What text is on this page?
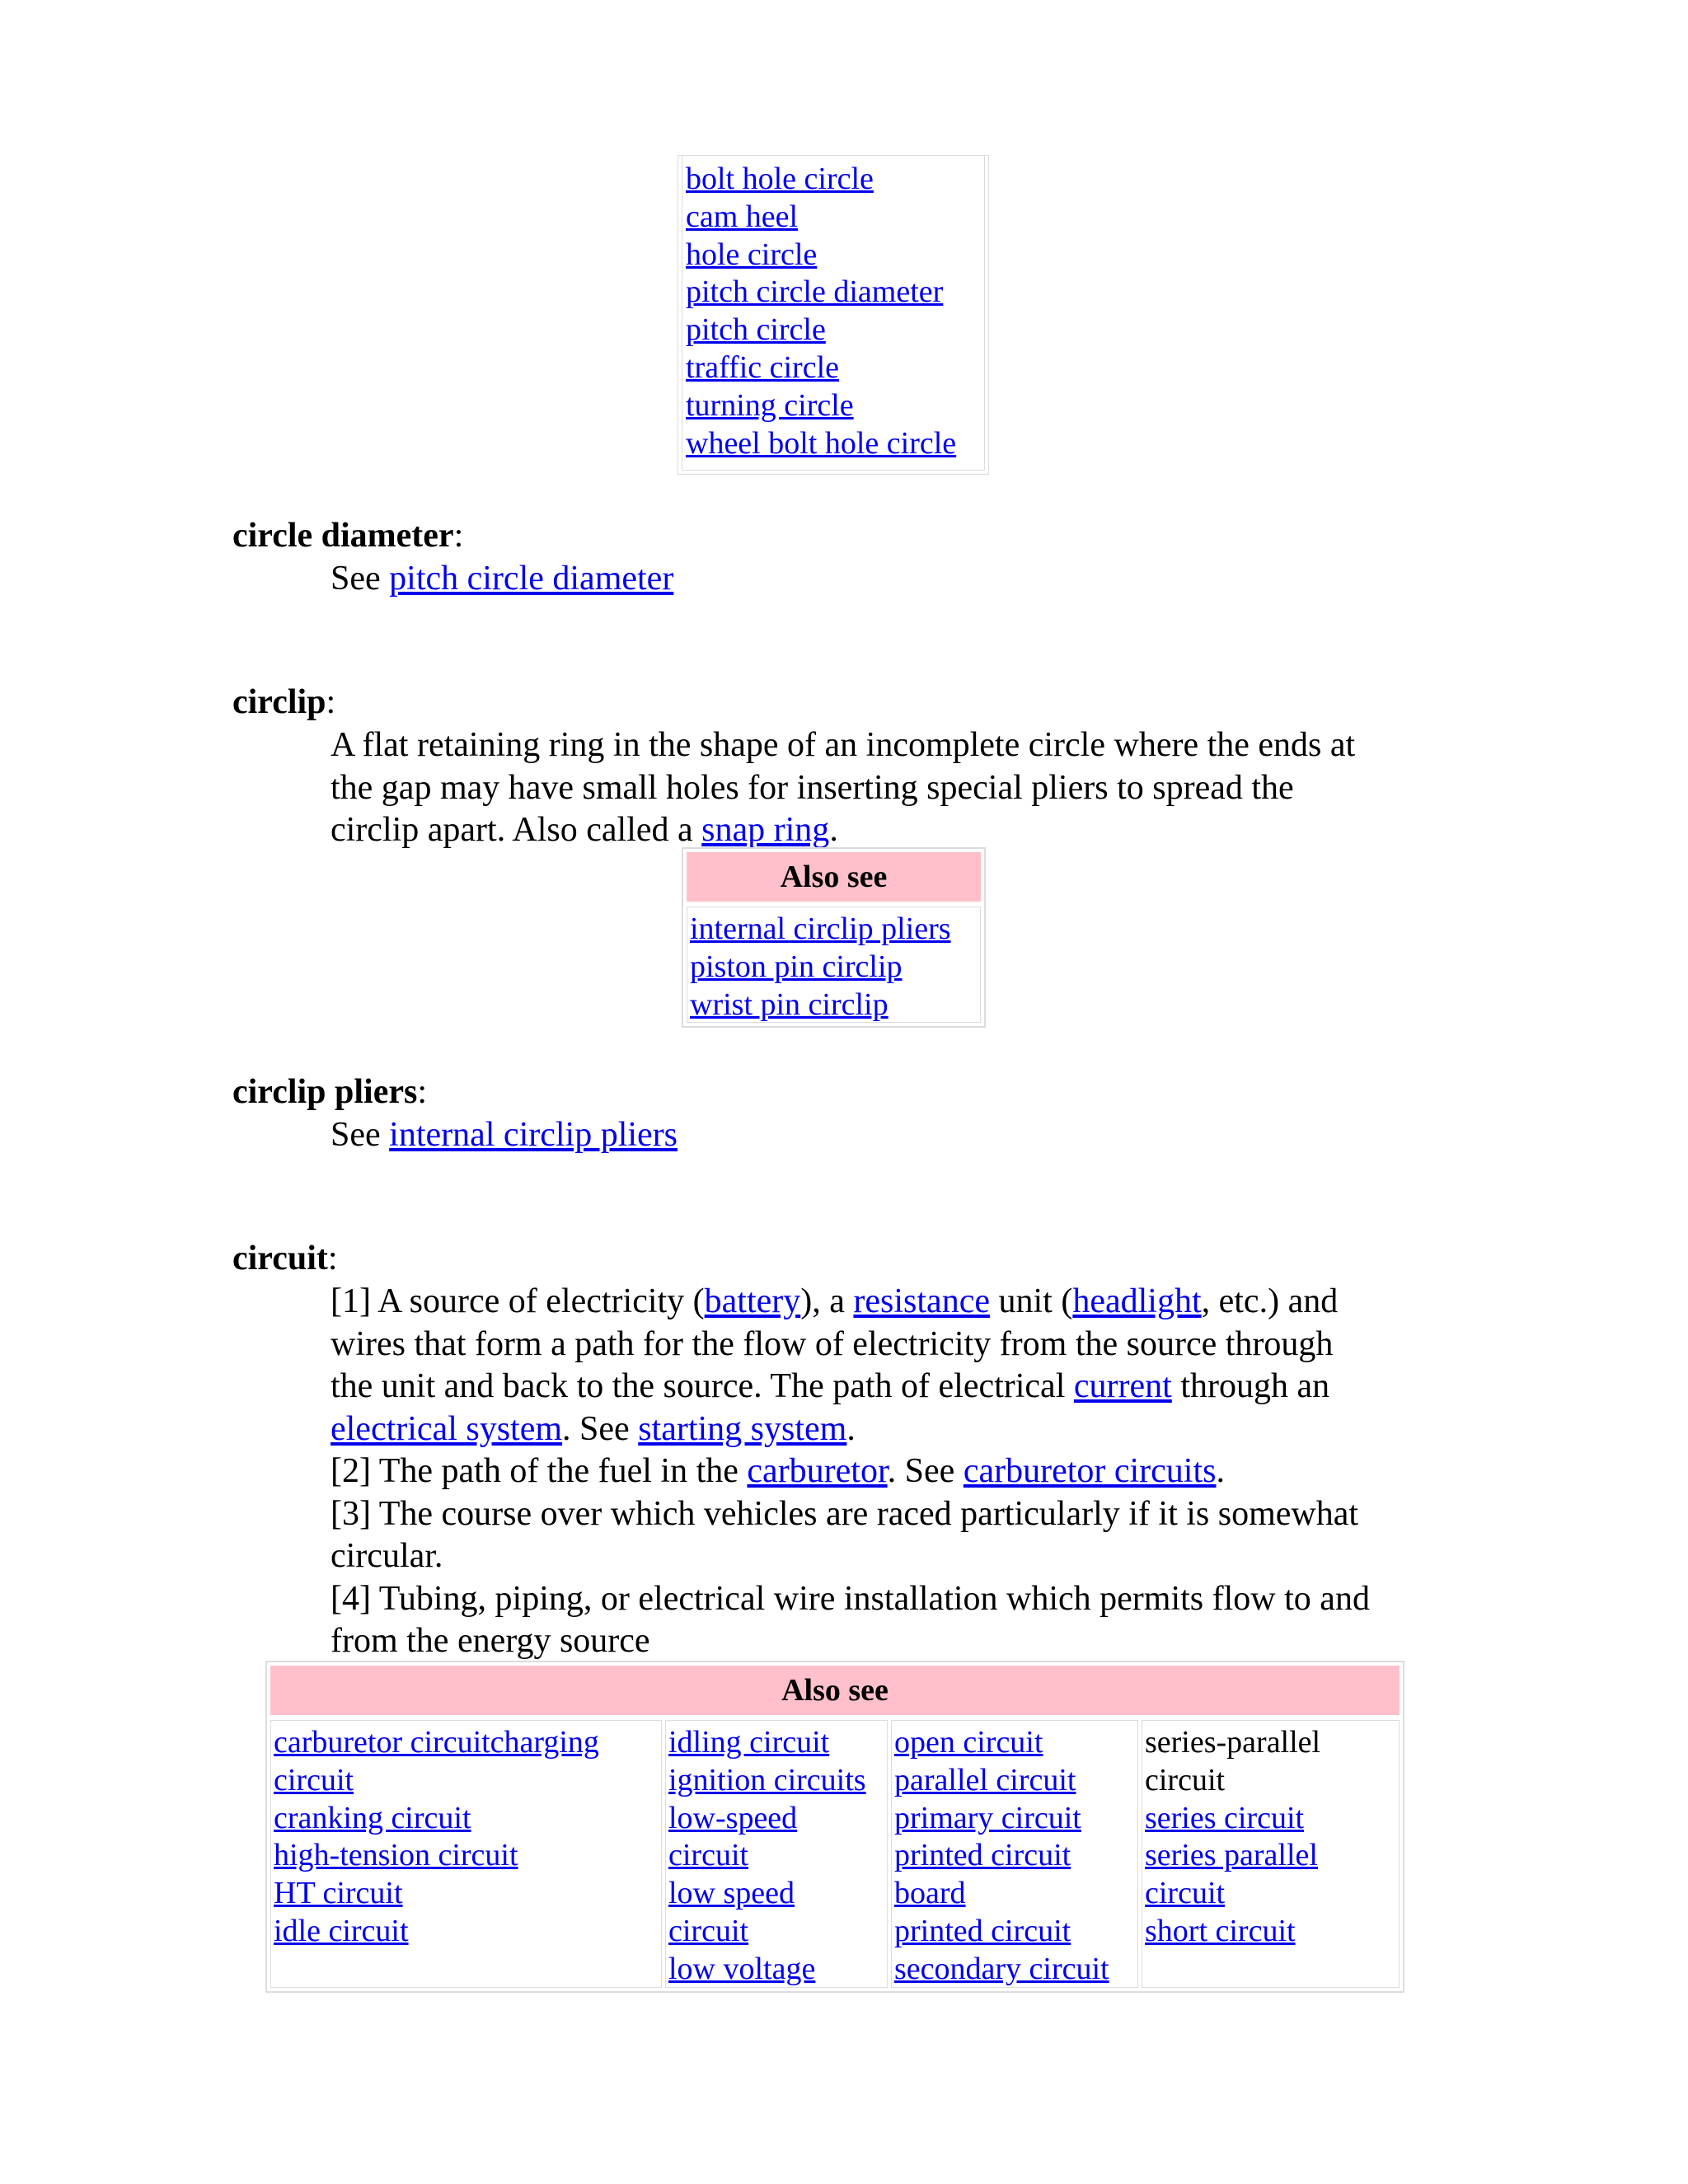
bolt hole circle
cam heel
hole circle
pitch circle diameter
pitch circle
traffic circle
turning circle
wheel bolt hole circle
circle diameter:
See pitch circle diameter
circlip:
A flat retaining ring in the shape of an incomplete circle where the ends at
the gap may have small holes for inserting special pliers to spread the
circlip apart. Also called a snap ring.
Also see
internal circlip pliers
piston pin circlip
wrist pin circlip
circlip pliers:
See internal circlip pliers
circuit:
[1] A source of electricity (battery), a resistance unit (headlight, etc.) and
wires that form a path for the flow of electricity from the source through
the unit and back to the source. The path of electrical current through an
electrical system. See starting system.
[2] The path of the fuel in the carburetor. See carburetor circuits.
[3] The course over which vehicles are raced particularly if it is somewhat
circular.
[4] Tubing, piping, or electrical wire installation which permits flow to and
from the energy source
Also see
carburetor circuitcharging
circuit
cranking circuit
high-tension circuit
HT circuit
idle circuit
idling circuit
ignition circuits
low-speed
circuit
low speed
circuit
low voltage
open circuit
parallel circuit
primary circuit
printed circuit
board
printed circuit
secondary circuit
series-parallel
circuit
series circuit
series parallel
circuit
short circuit
